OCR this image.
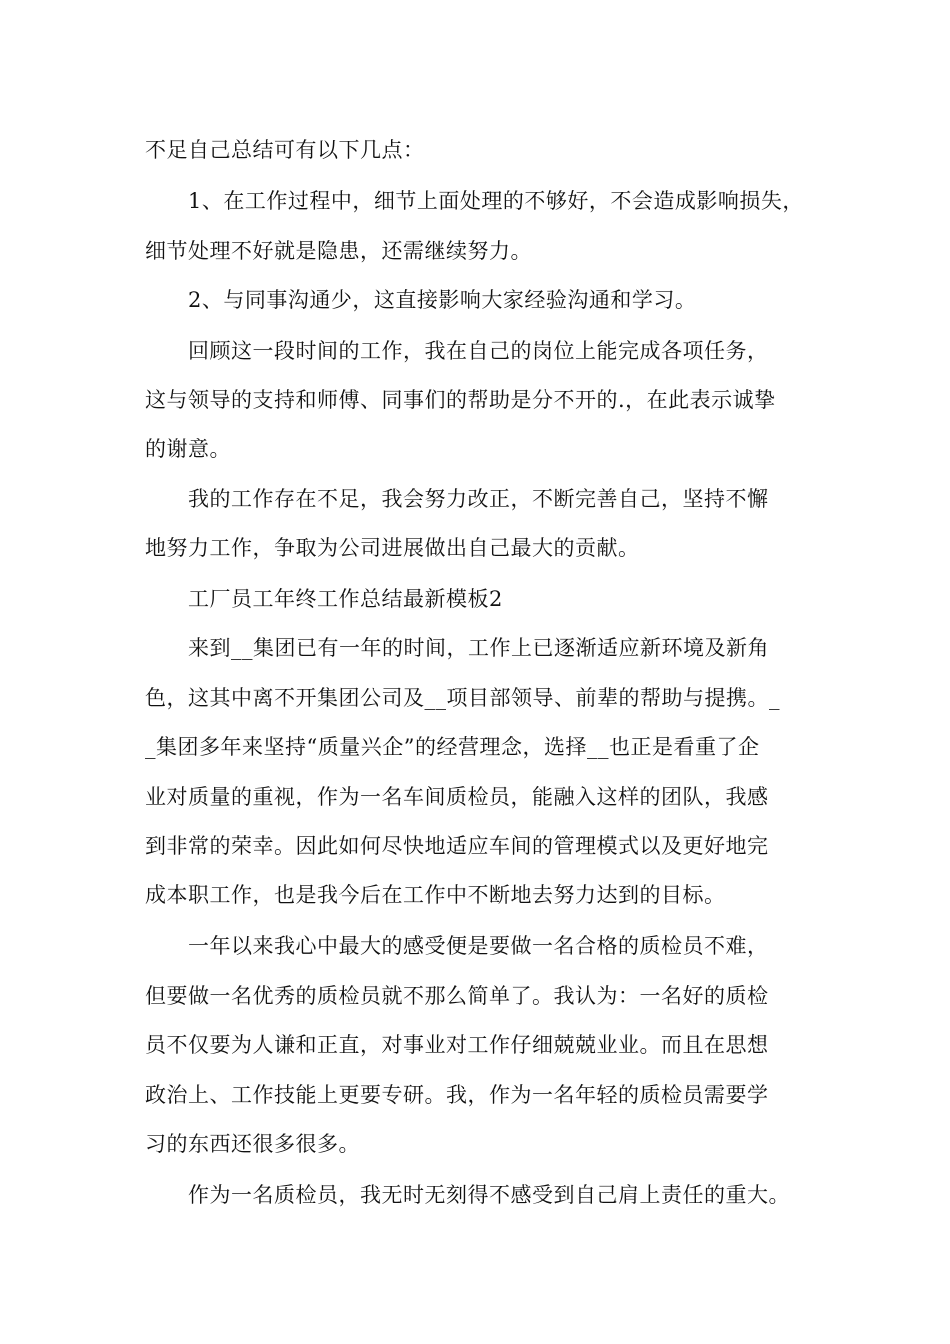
不足自己总结可有以下几点：
1、在工作过程中，细节上面处理的不够好，不会造成影响损失，
细节处理不好就是隐患，还需继续努力。
2、与同事沟通少，这直接影响大家经验沟通和学习。
回顾这一段时间的工作，我在自己的岗位上能完成各项任务，
这与领导的支持和师傅、同事们的帮助是分不开的.，在此表示诚挚
的谢意。
我的工作存在不足，我会努力改正，不断完善自己，坚持不懈
地努力工作，争取为公司进展做出自己最大的贡献。
工厂员工年终工作总结最新模板2
来到__集团已有一年的时间，工作上已逐渐适应新环境及新角
色，这其中离不开集团公司及__项目部领导、前辈的帮助与提携。_
_集团多年来坚持“质量兴企”的经营理念，选择__也正是看重了企
业对质量的重视，作为一名车间质检员，能融入这样的团队，我感
到非常的荣幸。因此如何尽快地适应车间的管理模式以及更好地完
成本职工作，也是我今后在工作中不断地去努力达到的目标。
一年以来我心中最大的感受便是要做一名合格的质检员不难，
但要做一名优秀的质检员就不那么简单了。我认为：一名好的质检
员不仅要为人谦和正直，对事业对工作仔细兢兢业业。而且在思想
政治上、工作技能上更要专研。我，作为一名年轻的质检员需要学
习的东西还很多很多。
作为一名质检员，我无时无刻得不感受到自己肩上责任的重大。
